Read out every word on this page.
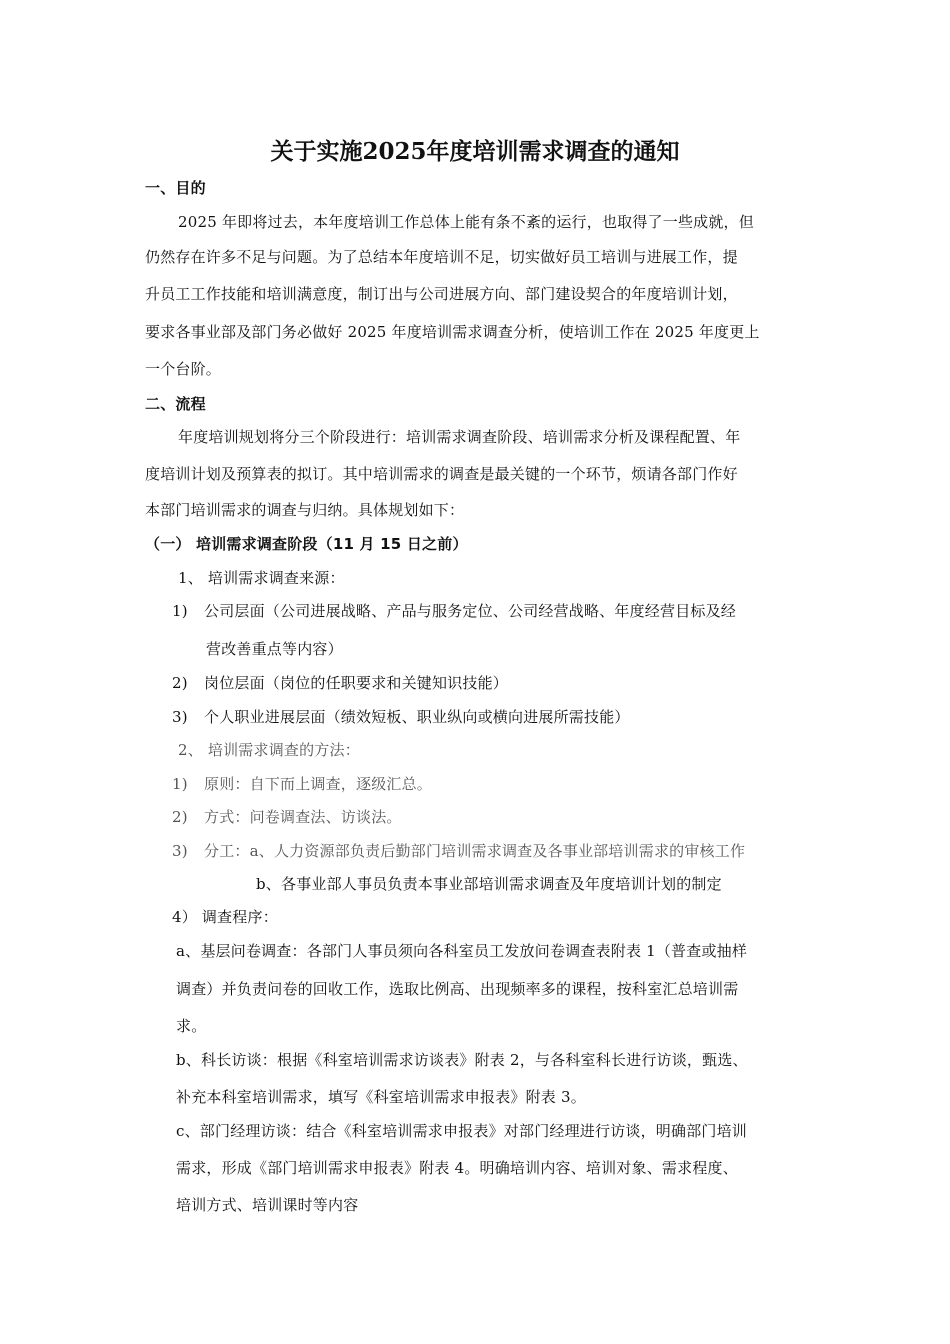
关于实施2025年度培训需求调查的通知
一、目的
2025 年即将过去，本年度培训工作总体上能有条不紊的运行，也取得了一些成就，但
仍然存在许多不足与问题。为了总结本年度培训不足，切实做好员工培训与进展工作，提
升员工工作技能和培训满意度，制订出与公司进展方向、部门建设契合的年度培训计划，
要求各事业部及部门务必做好 2025 年度培训需求调查分析，使培训工作在 2025 年度更上
一个台阶。
二、流程
年度培训规划将分三个阶段进行：培训需求调查阶段、培训需求分析及课程配置、年
度培训计划及预算表的拟订。其中培训需求的调查是最关键的一个环节，烦请各部门作好
本部门培训需求的调查与归纳。具体规划如下：
（一） 培训需求调查阶段（11 月 15 日之前）
1、 培训需求调查来源：
1) 公司层面（公司进展战略、产品与服务定位、公司经营战略、年度经营目标及经
营改善重点等内容）
2) 岗位层面（岗位的任职要求和关键知识技能）
3) 个人职业进展层面（绩效短板、职业纵向或横向进展所需技能）
2、 培训需求调查的方法：
1) 原则：自下而上调查，逐级汇总。
2) 方式：问卷调查法、访谈法。
3) 分工：a、人力资源部负责后勤部门培训需求调查及各事业部培训需求的审核工作
b、各事业部人事员负责本事业部培训需求调查及年度培训计划的制定
4） 调查程序：
a、基层问卷调查：各部门人事员须向各科室员工发放问卷调查表附表 1（普查或抽样
调查）并负责问卷的回收工作，选取比例高、出现频率多的课程，按科室汇总培训需
求。
b、科长访谈：根据《科室培训需求访谈表》附表 2，与各科室科长进行访谈，甄选、
补充本科室培训需求，填写《科室培训需求申报表》附表 3。
c、部门经理访谈：结合《科室培训需求申报表》对部门经理进行访谈，明确部门培训
需求，形成《部门培训需求申报表》附表 4。明确培训内容、培训对象、需求程度、
培训方式、培训课时等内容
